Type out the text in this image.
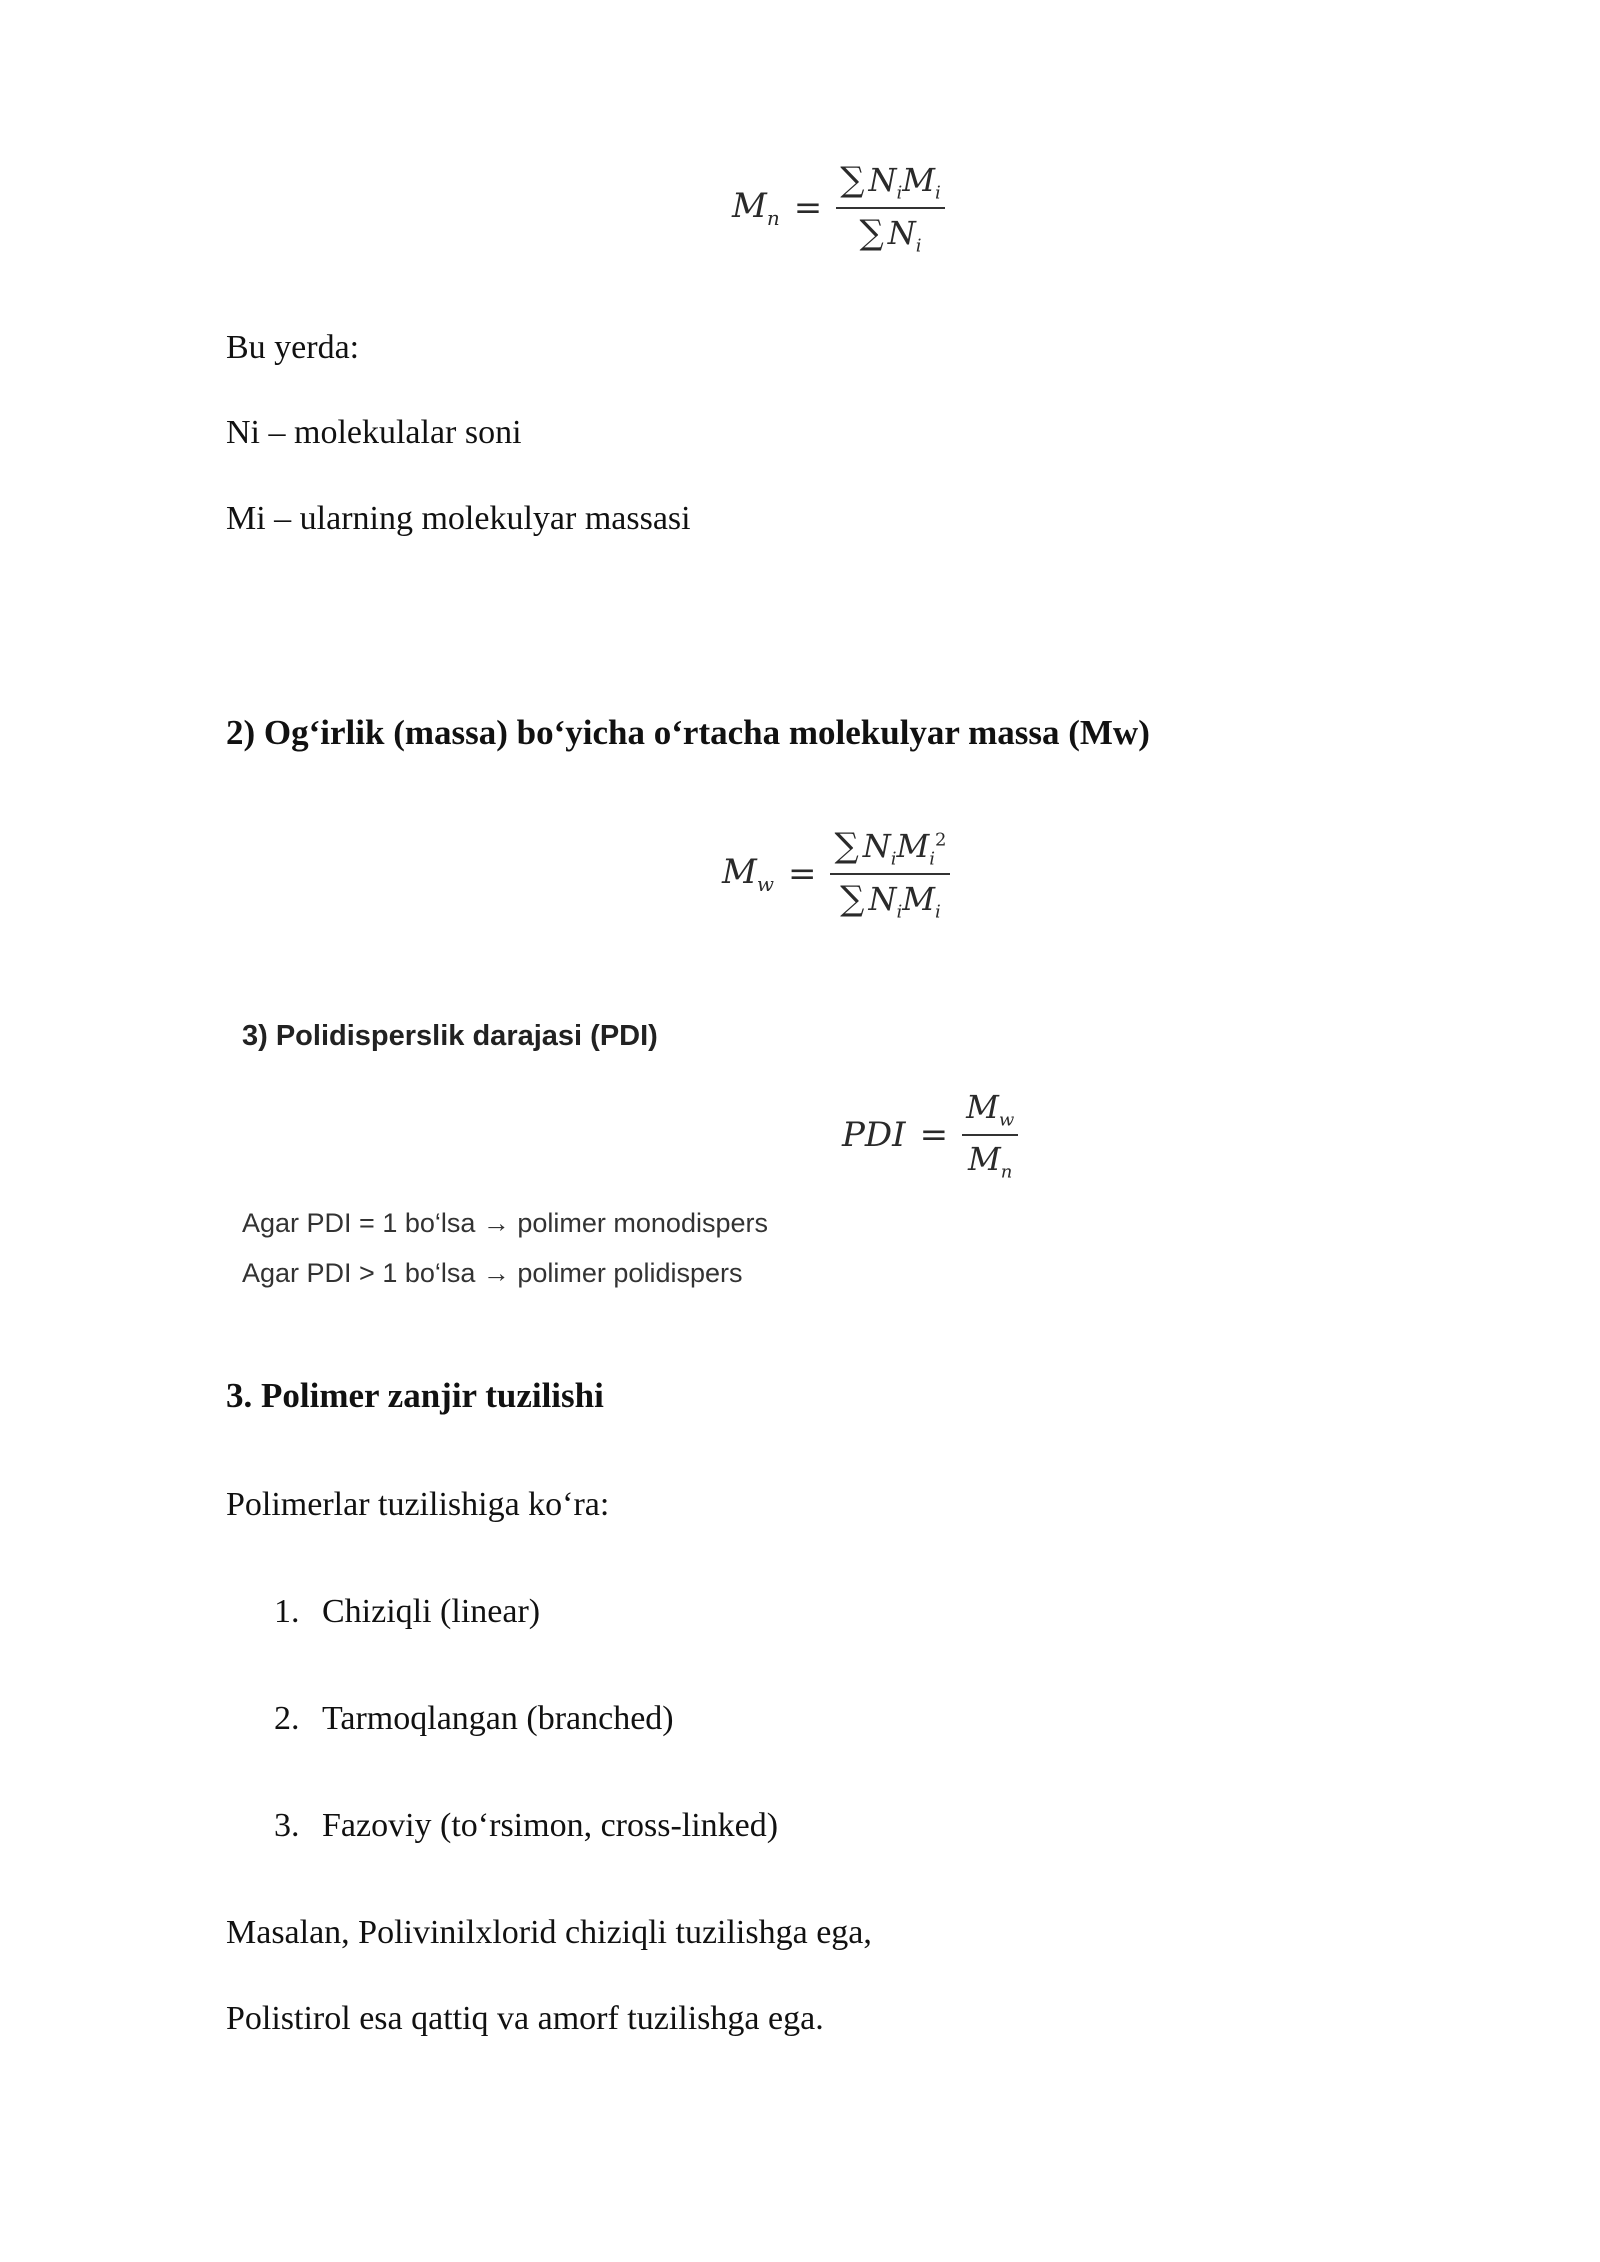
$M_n = \frac{\sum N_iM_i}{\sum N_i}$
Bu yerda:
Ni – molekulalar soni
Mi – ularning molekulyar massasi
2) Og‘irlik (massa) bo‘yicha o‘rtacha molekulyar massa (Mw)
$M_w = \frac{\sum N_iM_i^2}{\sum N_iM_i}$
3) Polidisperslik darajasi (PDI)
PDI = $\frac{M_w}{M_n}$
Agar PDI = 1 bo‘lsa → polimer monodispers
Agar PDI > 1 bo‘lsa → polimer polidispers
3. Polimer zanjir tuzilishi
Polimerlar tuzilishiga ko‘ra:
1. Chiziqli (linear)
2. Tarmoqlangan (branched)
3. Fazoviy (to‘rsimon, cross-linked)
Masalan, Polivinilxlorid chiziqli tuzilishga ega,
Polistirol esa qattiq va amorf tuzilishga ega.
